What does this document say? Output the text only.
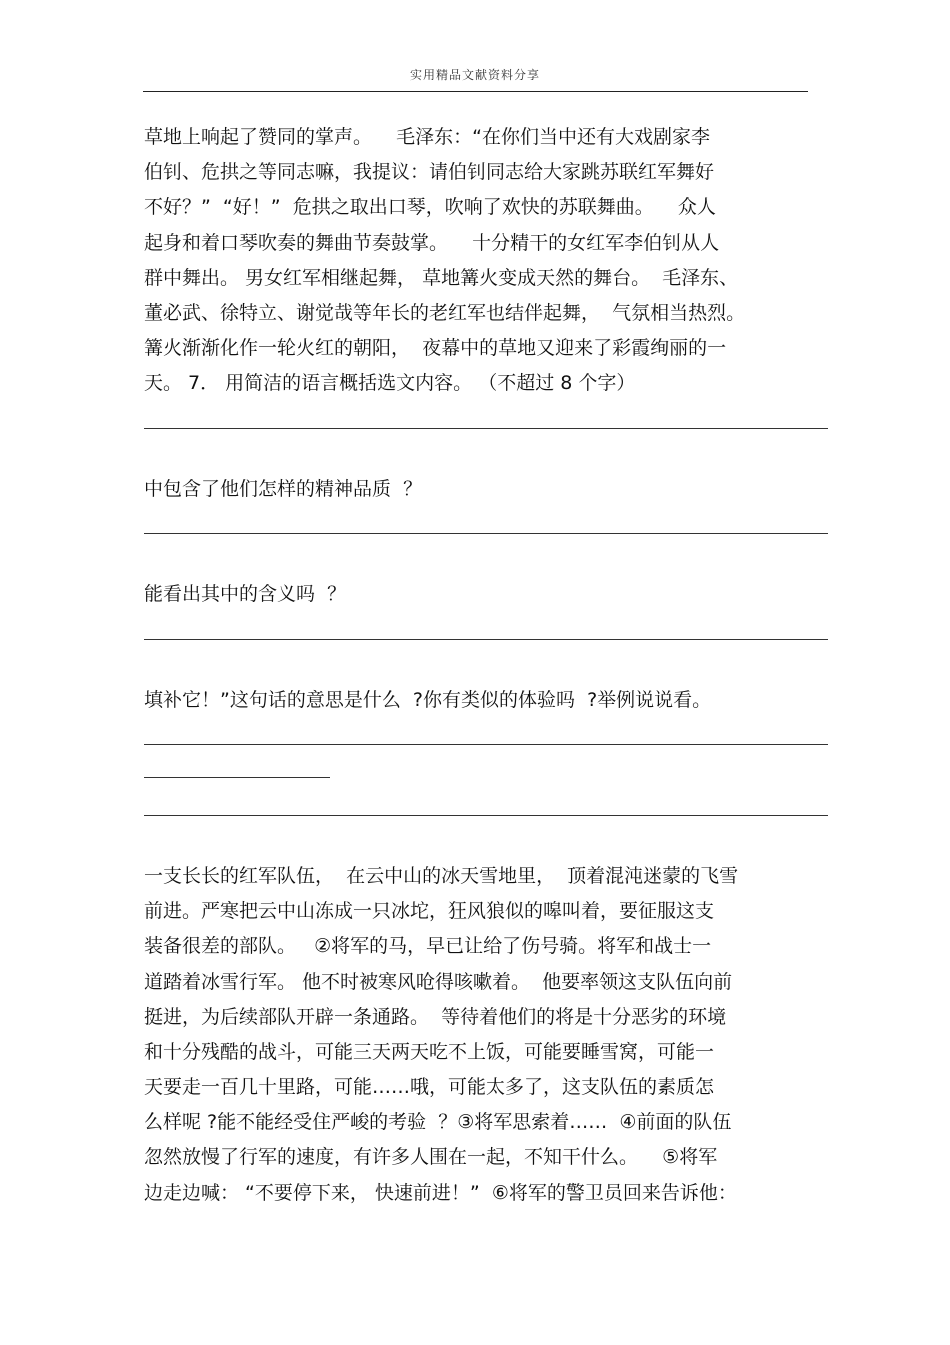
实用精品文献资料分享
草地上响起了赞同的掌声。    毛泽东：“在你们当中还有大戏剧家李
伯钊、危拱之等同志嘛，我提议：请伯钊同志给大家跳苏联红军舞好
不好？”  “好！”  危拱之取出口琴，吹响了欢快的苏联舞曲。    众人
起身和着口琴吹奏的舞曲节奏鼓掌。    十分精干的女红军李伯钊从人
群中舞出。 男女红军相继起舞， 草地篝火变成天然的舞台。  毛泽东、
董必武、徐特立、谢觉哉等年长的老红军也结伴起舞，  气氛相当热烈。
篝火渐渐化作一轮火红的朝阳，  夜幕中的草地又迎来了彩霞绚丽的一
天。 7． 用简洁的语言概括选文内容。 （不超过 8 个字）

中包含了他们怎样的精神品质  ？

能看出其中的含义吗  ？

填补它！”这句话的意思是什么  ?你有类似的体验吗  ?举例说说看。

一支长长的红军队伍，  在云中山的冰天雪地里，  顶着混沌迷蒙的飞雪
前进。严寒把云中山冻成一只冰坨，狂风狼似的嗥叫着，要征服这支
装备很差的部队。   ②将军的马，早已让给了伤号骑。将军和战士一
道踏着冰雪行军。 他不时被寒风呛得咳嗽着。  他要率领这支队伍向前
挺进，为后续部队开辟一条通路。  等待着他们的将是十分恶劣的环境
和十分残酷的战斗，可能三天两天吃不上饭，可能要睡雪窝，可能一
天要走一百几十里路，可能……哦，可能太多了，这支队伍的素质怎
么样呢 ?能不能经受住严峻的考验  ？③将军思索着……  ④前面的队伍
忽然放慢了行军的速度，有许多人围在一起，不知干什么。    ⑤将军
边走边喊： “不要停下来， 快速前进！”  ⑥将军的警卫员回来告诉他：
